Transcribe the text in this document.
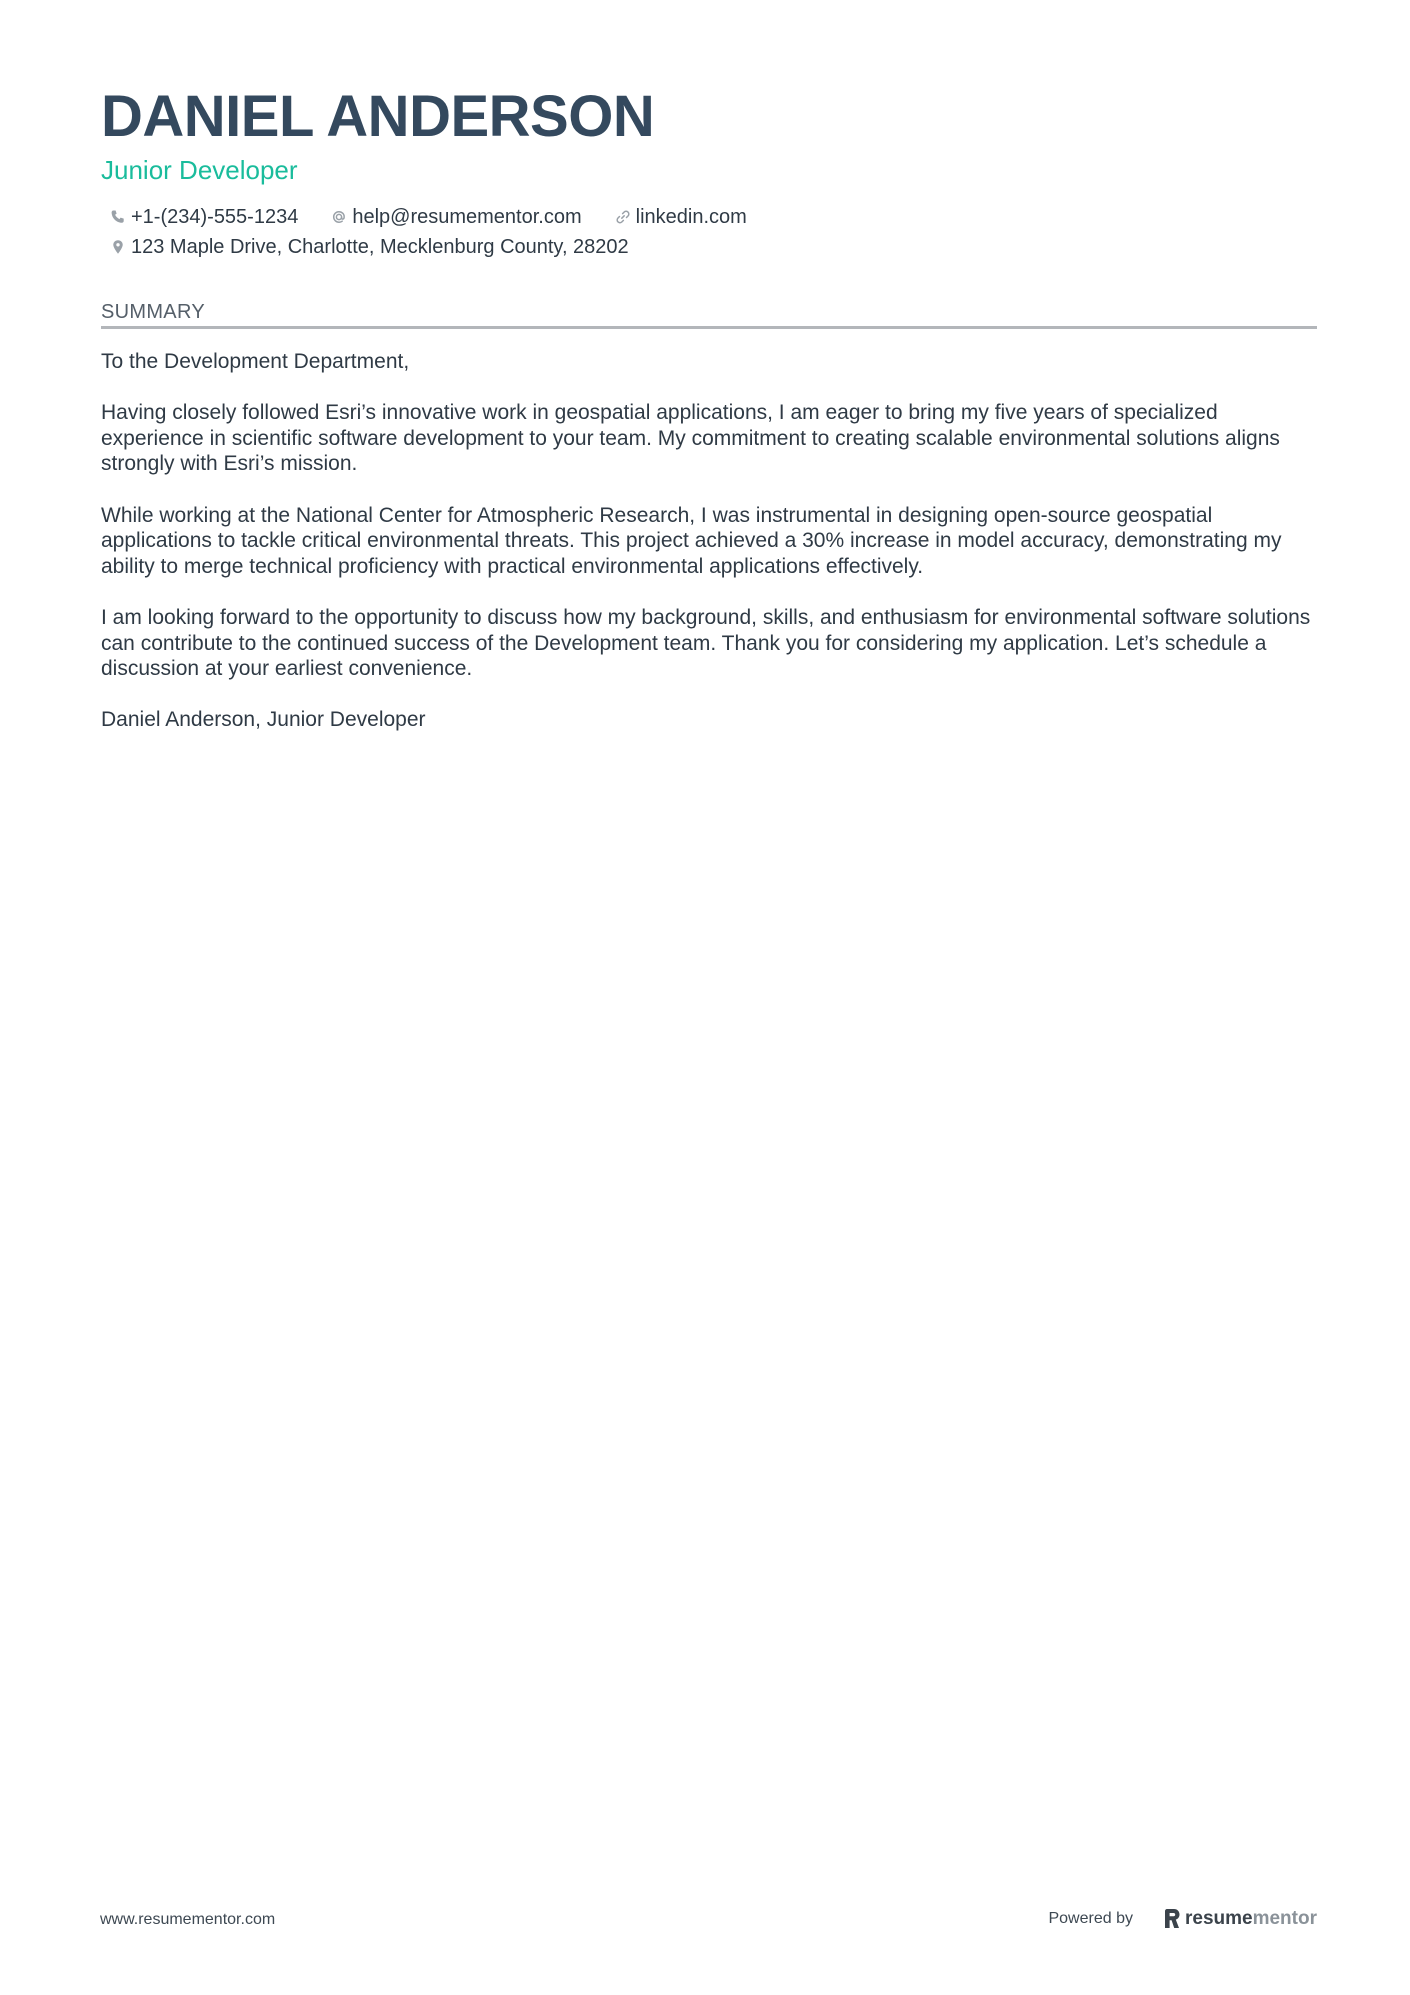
DANIEL ANDERSON
Junior Developer
+1-(234)-555-1234	help@resumementor.com	linkedin.com
123 Maple Drive, Charlotte, Mecklenburg County, 28202
SUMMARY

To the Development Department,

Having closely followed Esri’s innovative work in geospatial applications, I am eager to bring my five years of specialized experience in scientific software development to your team. My commitment to creating scalable environmental solutions aligns strongly with Esri’s mission.

While working at the National Center for Atmospheric Research, I was instrumental in designing open-source geospatial applications to tackle critical environmental threats. This project achieved a 30% increase in model accuracy, demonstrating my ability to merge technical proficiency with practical environmental applications effectively.

I am looking forward to the opportunity to discuss how my background, skills, and enthusiasm for environmental software solutions can contribute to the continued success of the Development team. Thank you for considering my application. Let’s schedule a discussion at your earliest convenience.

Daniel Anderson, Junior Developer

www.resumementor.com	Powered by	resume mentor
